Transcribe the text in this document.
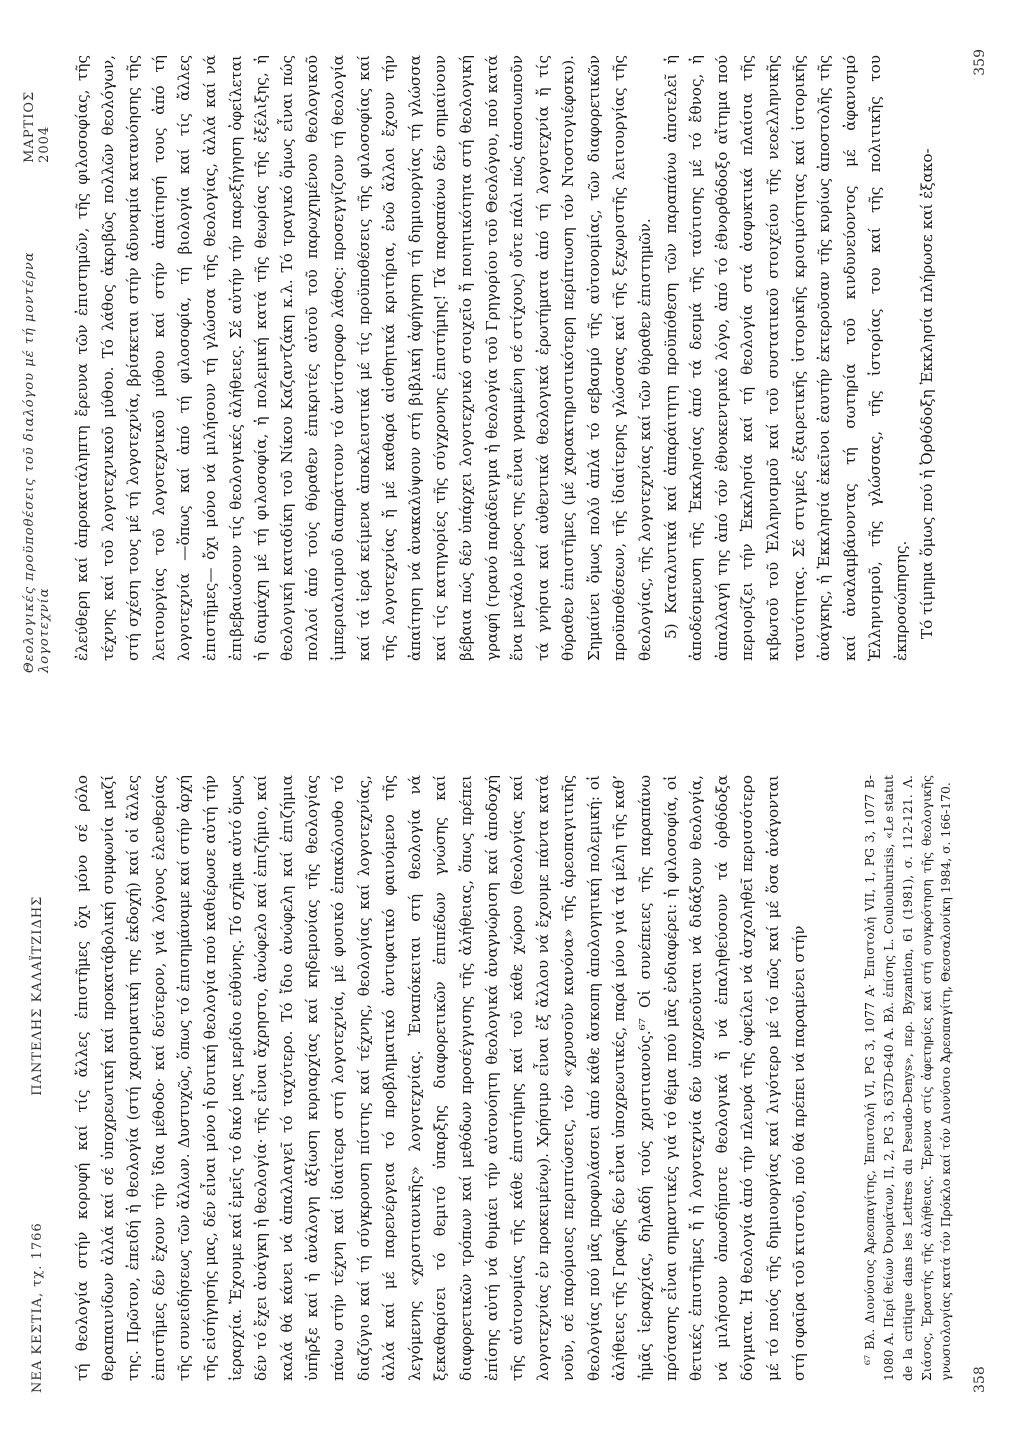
ΝΕΑ ΚΕΣΤΙΑ, τχ. 1766
ΠΑΝΤΕΛΗΣ ΚΑΛΑΪΤΖΙΔΗΣ τή θεολογία στήν κορυφή καί τίς ἄλλες ἐπιστῆμες ὄχι μόνο σέ ρόλο θεραπαινίδων ἀλλά καί σέ ὑποχρεωτική καί προκατάβολική συμφωνία μαζί της. Πρῶτον, ἐπειδή ἡ θεολογία (στή χαρισματική της ἐκδοχή) καί οἱ ἄλλες ἐπιστῆμες δέν ἔχουν τήν ἴδια μέθοδο· καί δεύτερον, γιά λόγους ἐλευθερίας τῆς συνειδήσεως τῶν ἄλλων. Δυστυχῶς, ὅπως τό ἐπισημάναμε καί στήν ἀρχή τῆς εἰσήγησής μας, δέν εἶναι μόνο ἡ δυτική θεολογία πού καθιέρωσε αὐτή τήν ἱεραρχία. Ἔχουμε καί ἐμεῖς τό δικό μας μερίδιο εὐθύνης. Τό σχῆμα αὐτό ὅμως δέν τό ἔχει ἀνάγκη ἡ θεολογία· τῆς εἶναι ἄχρηστο, ἀνώφελο καί ἐπιζήμιο, καί καλά θά κάνει νά ἀπαλλαγεῖ τό ταχύτερο. Τό ἴδιο ἀνώφελη καί ἐπιζήμια ὑπῆρξε καί ἡ ἀνάλογη ἀξίωση κυριαρχίας καί κηδεμονίας τῆς θεολογίας πάνω στήν τέχνη καί ἰδιαίτερα στή λογοτεχνία, μέ φυσικό ἐπακόλουθο τό διαζύγιο καί τή σύγκρουση πίστης καί τέχνης, θεολογίας καί λογοτεχνίας, ἀλλά καί μέ παρενέργεια τό προβληματικό ἀντιφατικό φαινόμενο τῆς λεγόμενης «χριστιανικῆς» λογοτεχνίας. Ἐναπόκειται στή θεολογία νά ξεκαθαρίσει τό θεμιτό ὑπαρξης διαφορετικῶν ἐπιπέδων γνώσης καί διαφορετικῶν τρόπων καί μεθόδων προσέγγισης τῆς ἀλήθειας, ὅπως πρέπει ἐπίσης αὐτή νά θυμάει τήν αὐτονόητη θεολογικά ἀναγνώριση καί ἀποδοχή τῆς αὐτονομίας τῆς κάθε ἐπιστήμης καί τοῦ κάθε χώρου (θεολογίας καί λογοτεχνίας ἐν προκειμένῳ). Χρήσιμο εἶναι ἐξ ἄλλου νά ἔχουμε πάντα κατά νοῦν, σέ παρόμοιες περιπτώσεις, τόν «χρυσοῦν κανόνα» τῆς ἀρεοπαγιτικῆς θεολογίας πού μᾶς προφυλάσσει ἀπό κάθε ἄσκοπη ἀπολογητική πολεμική: οἱ ἀλήθειες τῆς Γραφῆς δέν εἶναι ὑποχρεωτικές, παρά μόνο γιά τά μέλη τῆς καθ’ ἡμᾶς ἱεραρχίας, δηλαδή τούς χριστιανούς.⁶⁷ Οἱ συνέπειες τῆς παραπάνω πρότασης εἶναι σημαντικές γιά τό θέμα πού μᾶς ἐνδιαφέρει: ἡ φιλοσοφία, οἱ θετικές ἐπιστῆμες ἤ ἡ λογοτεχνία δέν ὑποχρεοῦνται νά διδάξουν θεολογία, νά μιλήσουν ὁπωσδήποτε θεολογικά ἤ νά ἐπαληθεύσουν τά ὀρθόδοξα δόγματα. Ἡ θεολογία ἀπό τήν πλευρά τῆς ὀφείλει νά ἀσχοληθεῖ περισσότερο μέ τό ποιός τῆς δημιουργίας καί λιγότερο μέ τό πῶς καί μέ ὅσα ἀνάγονται στή σφαῖρα τοῦ κτιστοῦ, πού θά πρέπει νά παραμένει στήν	⁶⁷ Βλ. Διονύσιος Ἀρεοπαγίτης, Ἐπιστολή VI, PG 3, 1077 A· Ἐπιστολή VII, 1, PG 3, 1077 B-1080 A. Περί θείων Ὀνομάτων, II, 2, PG 3, 637D-640 A. Βλ. ἐπίσης L. Coulouburisis, «Le statut de la critique dans les Lettres du Pseudo-Denys», περ. Byzantion, 61 (1981), σ. 112-121. Λ. Σιάσος, Ἐραστής τῆς ἀλήθειας. Ἔρευνα στίς ἀφετηρίες καί στή συγκρότηση τῆς θεολογικῆς γνωσιολογίας κατά τόν Πρόκλο καί τόν Διονύσιο Ἀρεοπαγίτη, Θεσσαλονίκη 1984, σ. 166-170. 358
Θεολογικές προϋποθέσεις τοῦ διαλόγου μέ τή μοντέρνα λογοτεχνία
ΜΑΡΤΙΟΣ 2004 ἐλεύθερη καί ἀπροκατάληπτη ἔρευνα τῶν ἐπιστημῶν, τῆς φιλοσοφίας, τῆς τέχνης καί τοῦ λογοτεχνικοῦ μύθου. Τό λάθος ἀκριβῶς πολλῶν θεολόγων, στή σχέση τους μέ τή λογοτεχνία, βρίσκεται στήν ἀδυναμία κατανόησης τῆς λειτουργίας τοῦ λογοτεχνικοῦ μύθου καί στήν ἀπαίτησή τους ἀπό τή λογοτεχνία —ὅπως καί ἀπό τή φιλοσοφία, τή βιολογία καί τίς ἄλλες ἐπιστῆμες— ὄχι μόνο νά μιλήσουν τή γλώσσα τῆς θεολογίας, ἀλλά καί νά ἐπιβεβαιώσουν τίς θεολογικές ἀλήθειες. Σέ αὐτήν τήν παρεξήγηση ὀφείλεται ἡ διαμάχη μέ τή φιλοσοφία, ἡ πολεμική κατά τῆς θεωρίας τῆς ἐξέλιξης, ἡ θεολογική καταδίκη τοῦ Νίκου Καζαντζάκη κ.λ. Τό τραγικό ὅμως εἶναι πώς πολλοί ἀπό τούς θύραθεν ἐπικριτές αὐτοῦ τοῦ παρωχημένου θεολογικοῦ ἱμπεριαλισμοῦ διαπράττουν τό ἀντίστροφο λάθος: προσεγγίζουν τή θεολογία καί τά ἱερά κείμενα ἀποκλειστικά μέ τίς προϋποθέσεις τῆς φιλοσοφίας καί τῆς λογοτεχνίας ἤ μέ καθαρά αἰσθητικά κριτήρια, ἐνῶ ἄλλοι ἔχουν τήν ἀπαίτηση νά ἀνακαλύψουν στή βιβλική ἀφήγηση τή δημιουργίας τή γλώσσα καί τίς κατηγορίες τῆς σύγχρονης ἐπιστήμης! Τά παραπάνω δέν σημαίνουν βέβαια πώς δέν ὑπάρχει λογοτεχνικό στοιχεῖο ἤ ποιητικότητα στή θεολογική γραφή (τρανό παράδειγμα ἡ θεολογία τοῦ Γρηγορίου τοῦ Θεολόγου, πού κατά ἕνα μεγάλο μέρος της εἶναι γραμμένη σέ στίχους) οὔτε πάλι πώς ἀποσιωποῦν τά γνήσια καί αὐθεντικά θεολογικά ἐρωτήματα ἀπό τή λογοτεχνία ἤ τίς θύραθεν ἐπιστῆμες (μέ χαρακτηριστικότερη περίπτωση τόν Ντοστογιέφσκυ). Σημαίνει ὅμως πολύ ἁπλά τό σεβασμό τῆς αὐτονομίας, τῶν διαφορετικῶν προϋποθέσεων, τῆς ἰδιαίτερης γλώσσας καί τῆς ξεχωριστῆς λειτουργίας τῆς θεολογίας, τῆς λογοτεχνίας καί τῶν θύραθεν ἐπιστημῶν. 5) Καταλυτικά καί ἀπαράιτητη προϋπόθεση τῶν παραπάνω ἀποτελεῖ ἡ ἀποδέσμευση τῆς Ἐκκλησίας ἀπό τά δεσμά τῆς ταύτισης μέ τό ἔθνος, ἡ ἀπαλλαγή της ἀπό τόν ἐθνοκεντρικό λόγο, ἀπό τό ἐθνορθόδοξο αἴτημα πού περιορίζει τήν Ἐκκλησία καί τή θεολογία στά ἀσφυκτικά πλαίσια τῆς κιβωτοῦ τοῦ Ἑλληνισμοῦ καί τοῦ συστατικοῦ στοιχείου τῆς νεοελληνικῆς ταυτότητας. Σέ στιγμές ἐξαιρετικῆς ἱστορικῆς κρισιμότητας καί ἱστορικῆς ἀνάγκης, ἡ Ἐκκλησία ἐκεῖνοι ἐαυτήν ἐκτεροῦσαν τῆς κυρίως ἀποστολῆς τῆς καί ἀναλαμβάνοντας τή σωτηρία τοῦ κινδυνεύοντος μέ ἀφανισμό Ἑλληνισμοῦ, τῆς γλώσσας, τῆς ἱστορίας του καί τῆς πολιτικῆς του ἐκπροσώπησης. Τό τίμημα ὅμως πού ἡ Ὀρθόδοξη Ἐκκλησία πλήρωσε καί ἐξακο-

359
